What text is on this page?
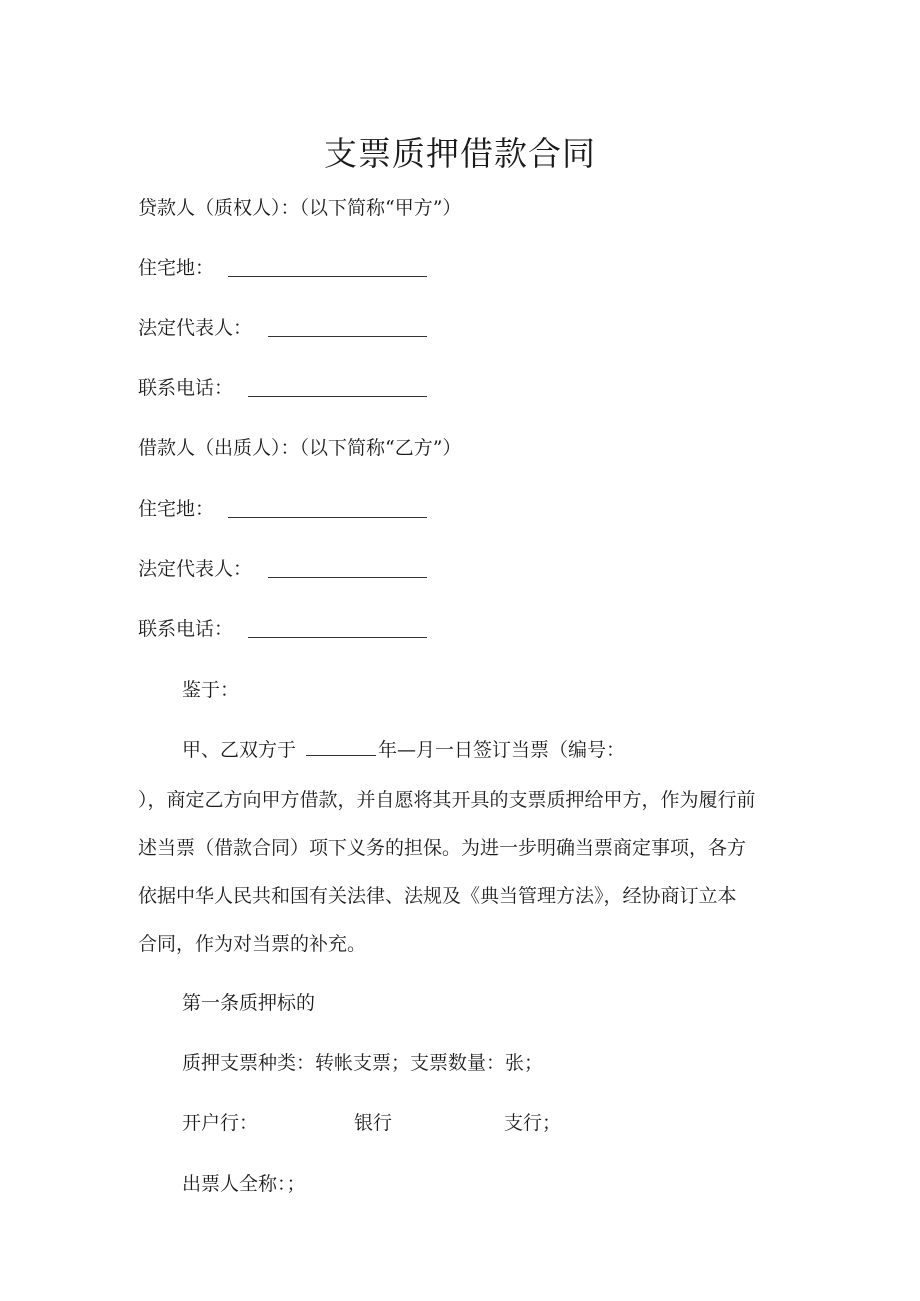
支票质押借款合同
贷款人（质权人）：（以下简称“甲方”）
住宅地：
法定代表人：
联系电话：
借款人（出质人）：（以下简称“乙方”）
住宅地：
法定代表人：
联系电话：
鉴于：
甲、乙双方于	年—月一日签订当票（编号：
），商定乙方向甲方借款，并自愿将其开具的支票质押给甲方，作为履行前
述当票（借款合同）项下义务的担保。为进一步明确当票商定事项，各方
依据中华人民共和国有关法律、法规及《典当管理方法》，经协商订立本
合同，作为对当票的补充。
第一条质押标的
质押支票种类：转帐支票；支票数量：张；
开户行：	银行	支行；
出票人全称：；
